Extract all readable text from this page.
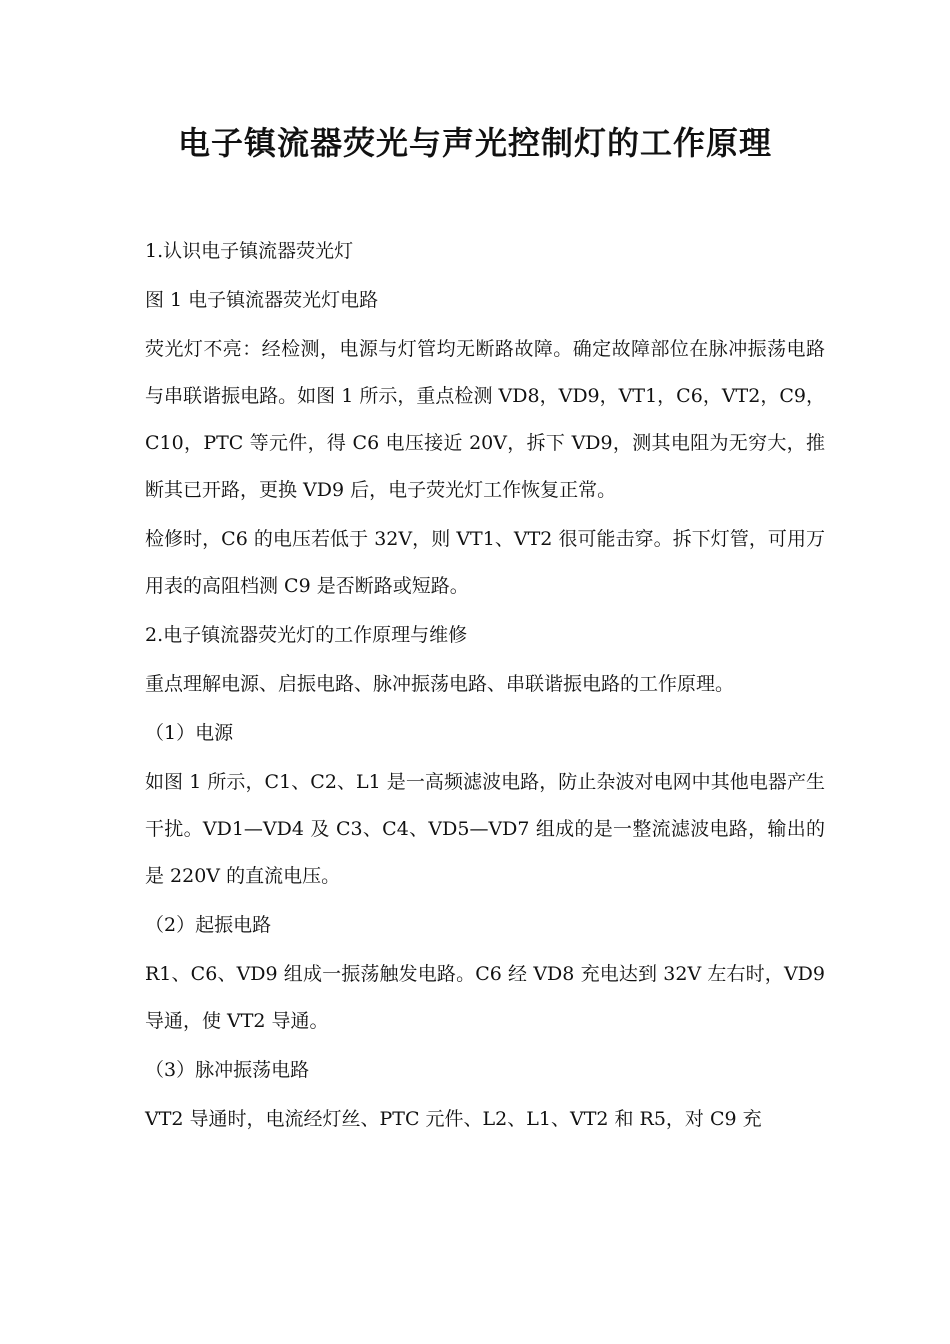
电子镇流器荧光与声光控制灯的工作原理

1.认识电子镇流器荧光灯

图 1 电子镇流器荧光灯电路

荧光灯不亮：经检测，电源与灯管均无断路故障。确定故障部位在脉冲振荡电路与串联谐振电路。如图 1 所示，重点检测 VD8，VD9，VT1，C6，VT2，C9，C10，PTC 等元件，得 C6 电压接近 20V，拆下 VD9，测其电阻为无穷大，推断其已开路，更换 VD9 后，电子荧光灯工作恢复正常。

检修时，C6 的电压若低于 32V，则 VT1、VT2 很可能击穿。拆下灯管，可用万用表的高阻档测 C9 是否断路或短路。

2.电子镇流器荧光灯的工作原理与维修

重点理解电源、启振电路、脉冲振荡电路、串联谐振电路的工作原理。

（1）电源

如图 1 所示，C1、C2、L1 是一高频滤波电路，防止杂波对电网中其他电器产生干扰。VD1—VD4 及 C3、C4、VD5—VD7 组成的是一整流滤波电路，输出的是 220V 的直流电压。

（2）起振电路

R1、C6、VD9 组成一振荡触发电路。C6 经 VD8 充电达到 32V 左右时，VD9 导通，使 VT2 导通。

（3）脉冲振荡电路

VT2 导通时，电流经灯丝、PTC 元件、L2、L1、VT2 和 R5，对 C9 充
